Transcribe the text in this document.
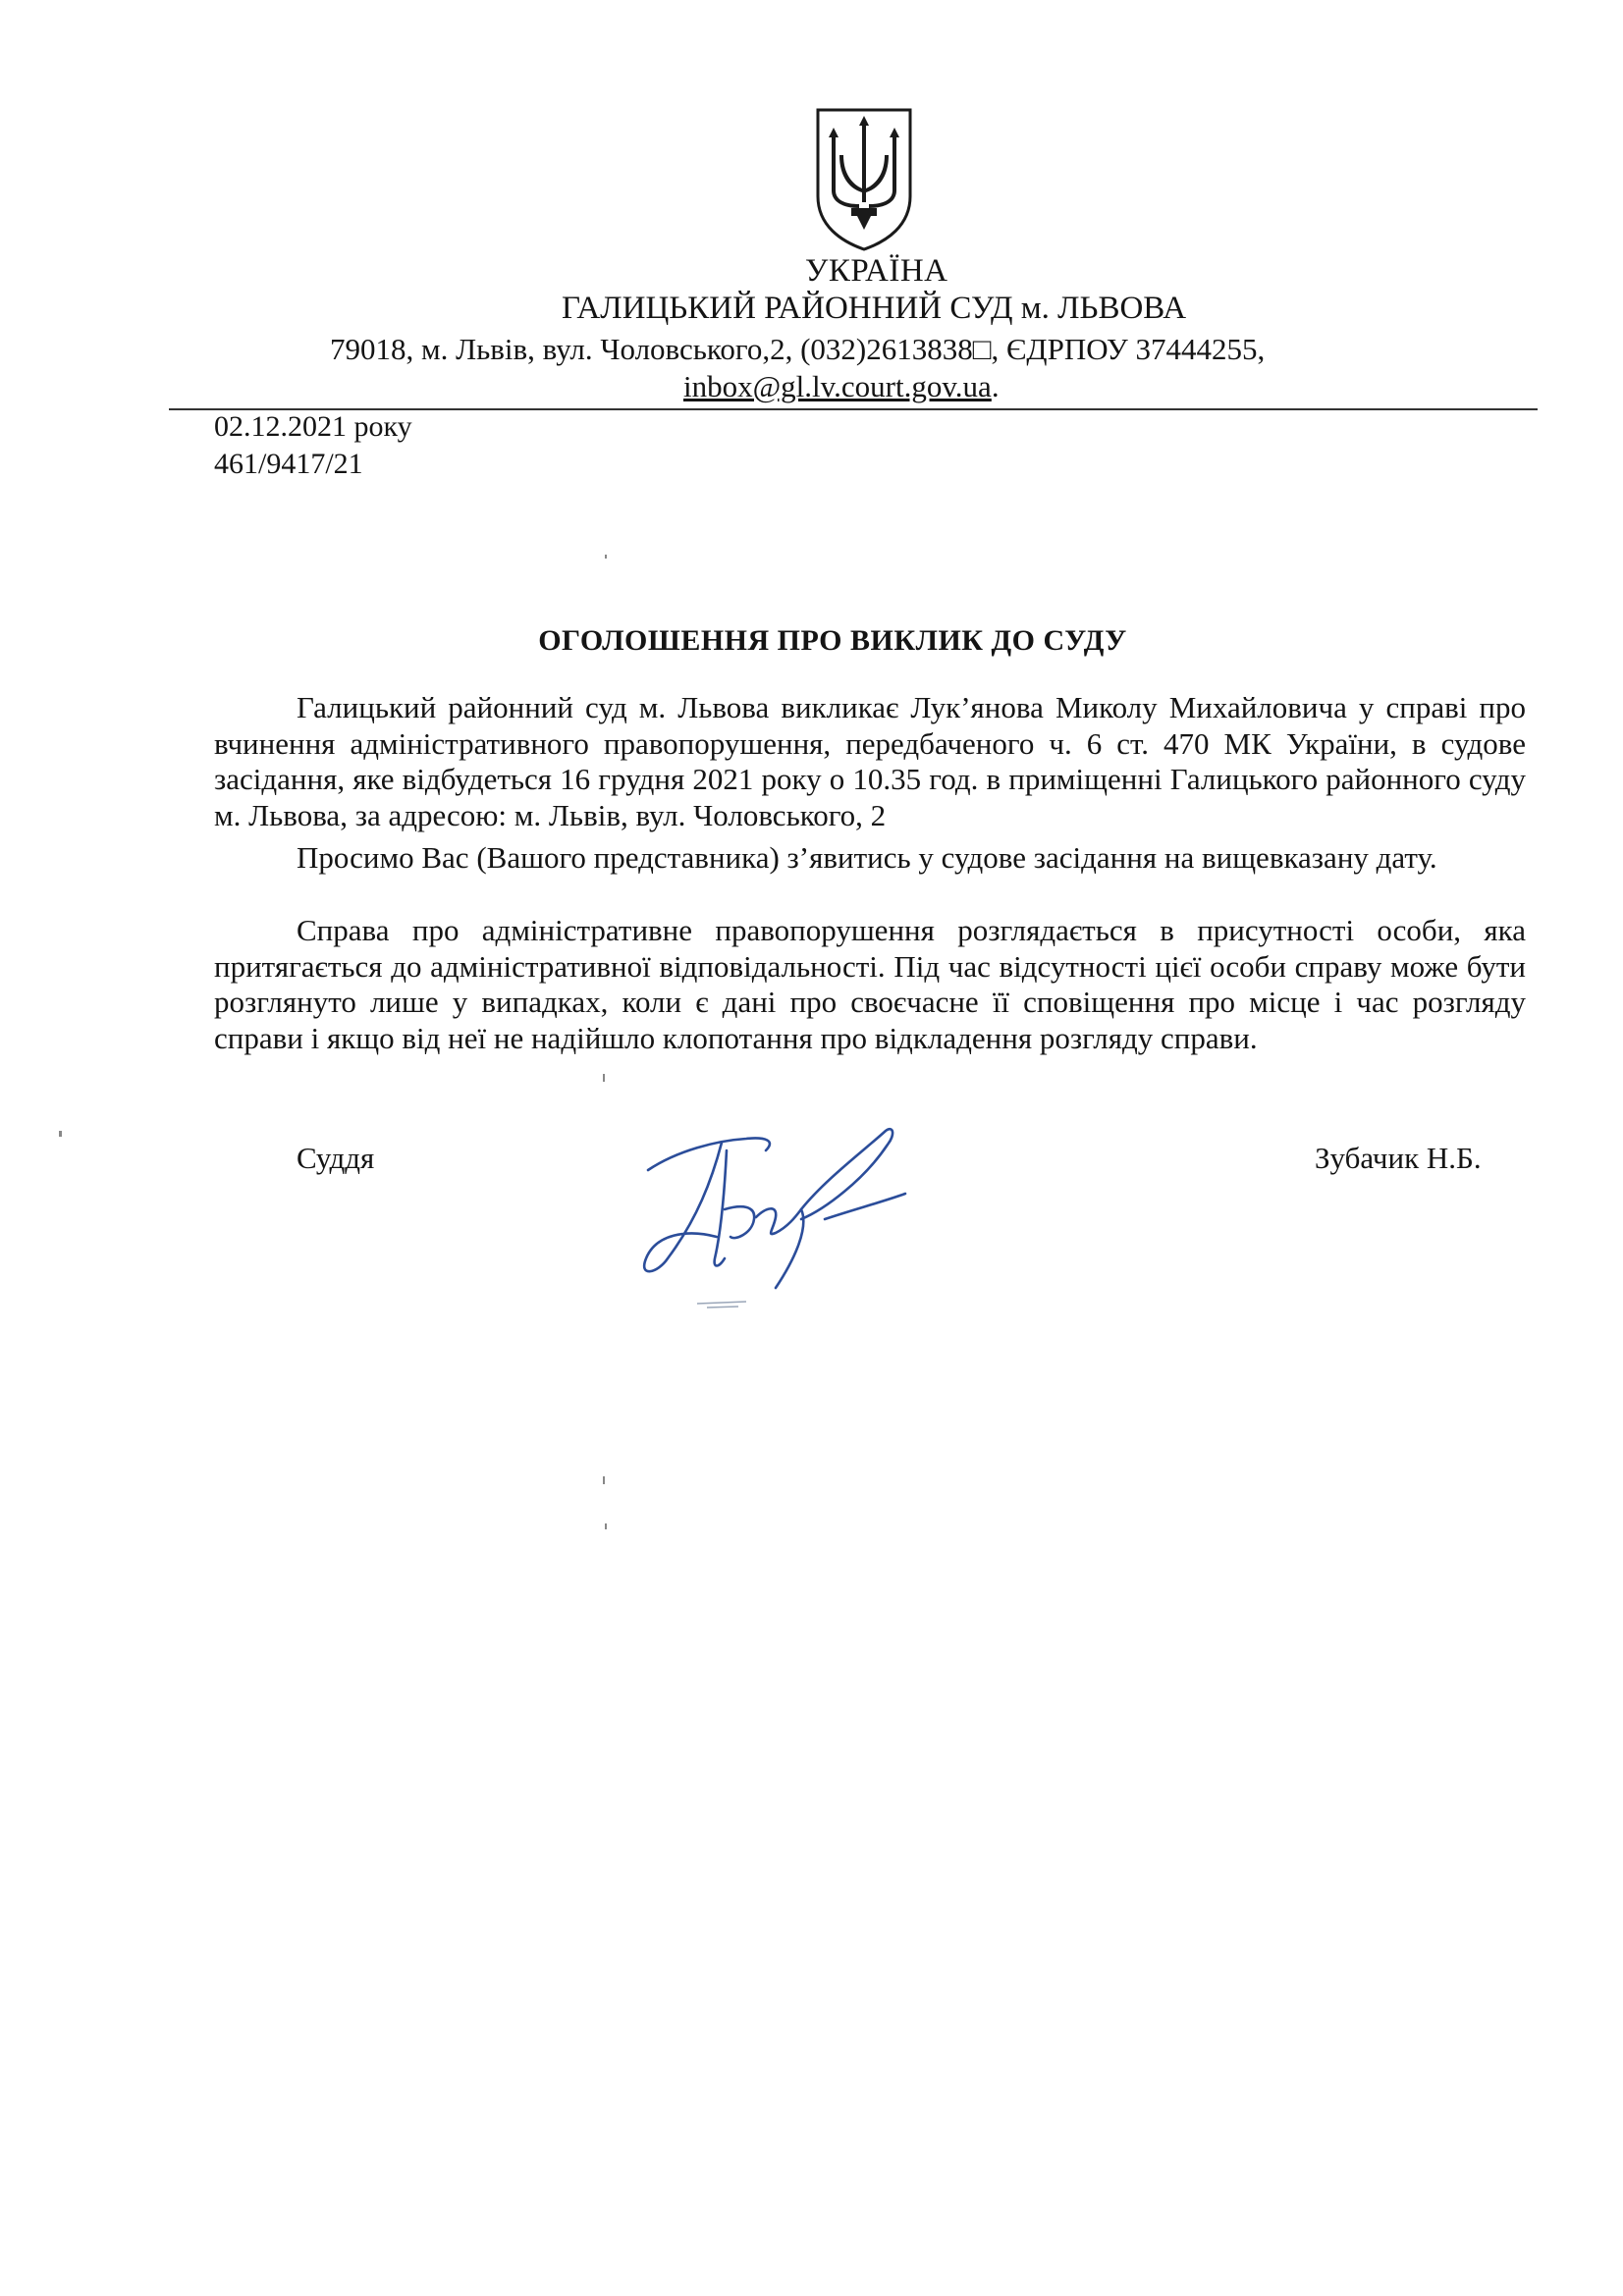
УКРАЇНА
ГАЛИЦЬКИЙ РАЙОННИЙ СУД м. ЛЬВОВА
79018, м. Львів, вул. Чоловського,2, (032)2613838□, ЄДРПОУ 37444255,
inbox@gl.lv.court.gov.ua.
02.12.2021 року
461/9417/21
ОГОЛОШЕННЯ ПРО ВИКЛИК ДО СУДУ

Галицький районний суд м. Львова викликає Лук’янова Миколу Михайловича у справі про вчинення адміністративного правопорушення, передбаченого ч. 6 ст. 470 МК України, в судове засідання, яке відбудеться 16 грудня 2021 року о 10.35 год. в приміщенні Галицького районного суду м. Львова, за адресою: м. Львів, вул. Чоловського, 2

Просимо Вас (Вашого представника) з’явитись у судове засідання на вищевказану дату.

Справа про адміністративне правопорушення розглядається в присутності особи, яка притягається до адміністративної відповідальності. Під час відсутності цієї особи справу може бути розглянуто лише у випадках, коли є дані про своєчасне її сповіщення про місце і час розгляду справи і якщо від неї не надійшло клопотання про відкладення розгляду справи.

Суддя	Зубачик Н.Б.
